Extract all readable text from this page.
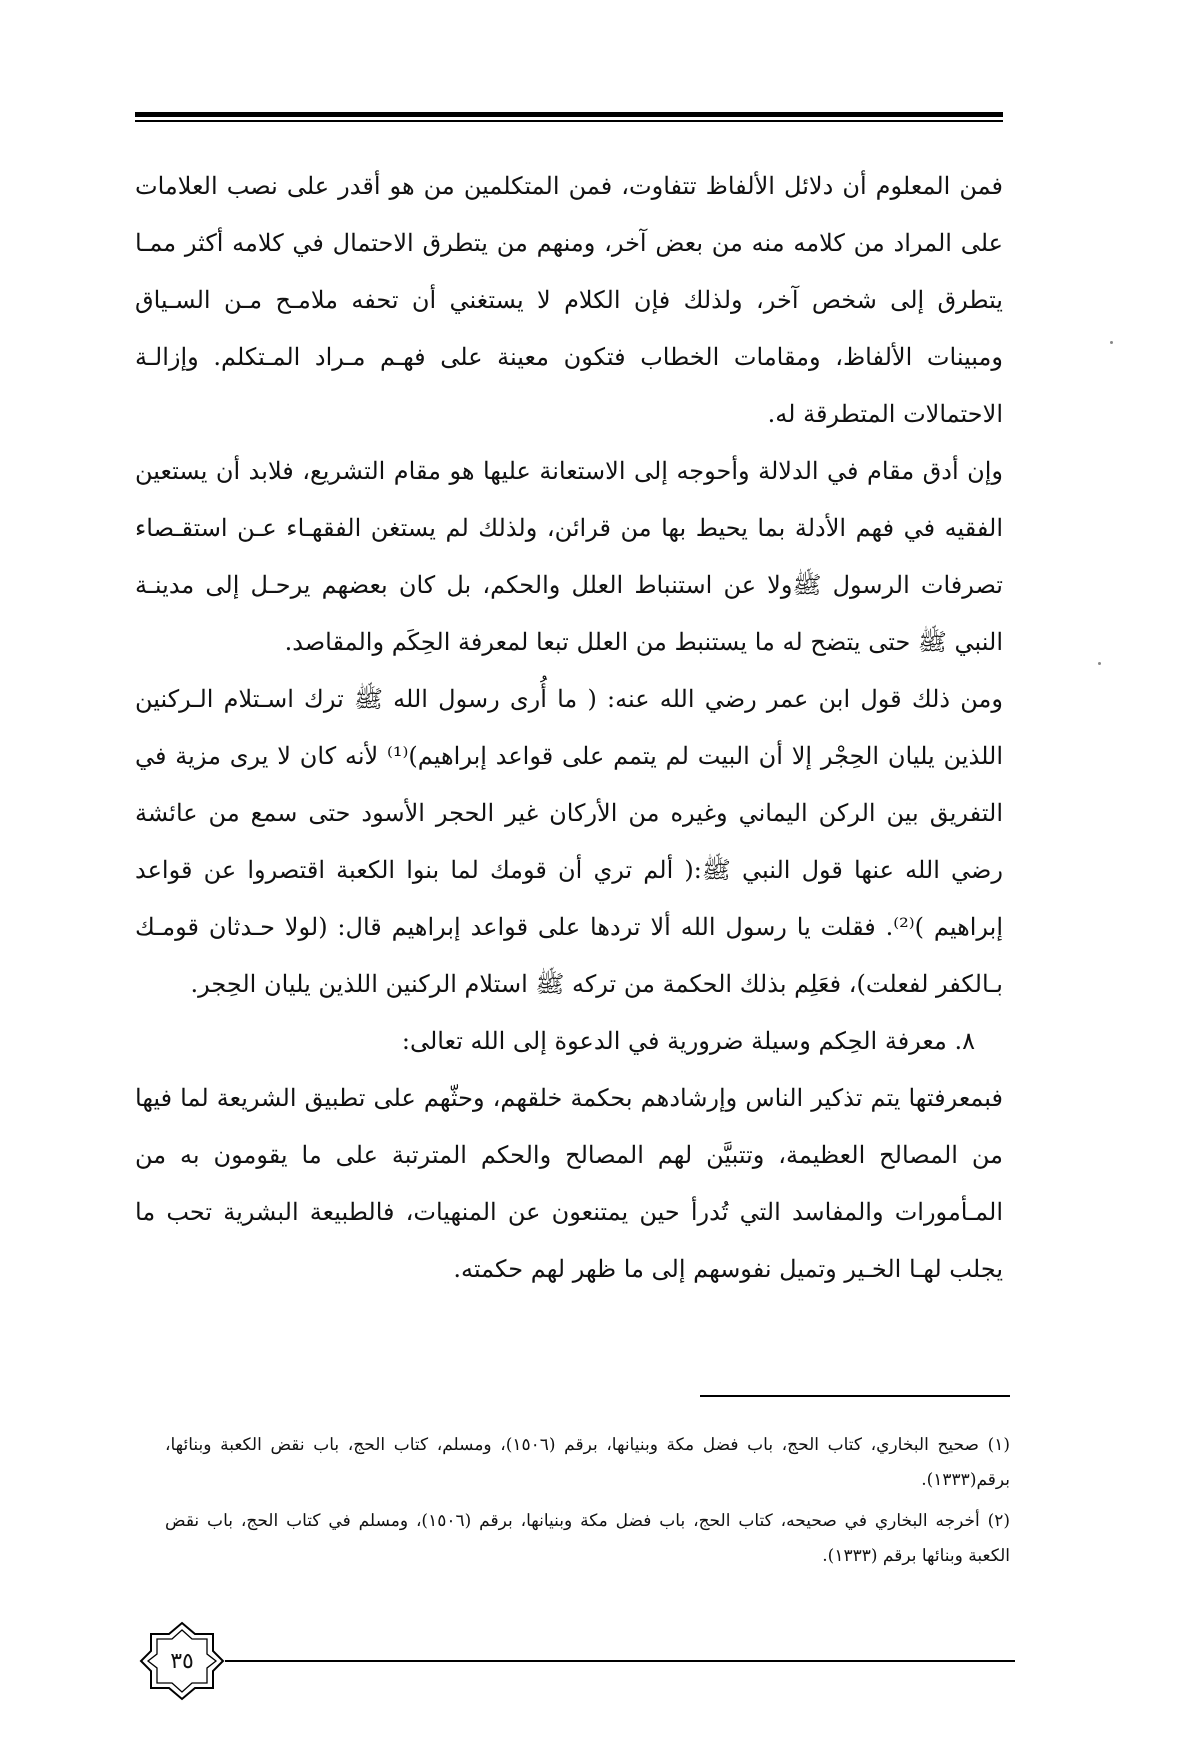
فمن المعلوم أن دلائل الألفاظ تتفاوت، فمن المتكلمين من هو أقدر على نصب العلامات على المراد من كلامه منه من بعض آخر، ومنهم من يتطرق الاحتمال في كلامه أكثر ممـا يتطرق إلى شخص آخر، ولذلك فإن الكلام لا يستغني أن تحفه ملامـح مـن السـياق ومبينات الألفاظ، ومقامات الخطاب فتكون معينة على فهـم مـراد المـتكلم. وإزالـة الاحتمالات المتطرقة له.

وإن أدق مقام في الدلالة وأحوجه إلى الاستعانة عليها هو مقام التشريع، فلابد أن يستعين الفقيه في فهم الأدلة بما يحيط بها من قرائن، ولذلك لم يستغن الفقهـاء عـن استقـصاء تصرفات الرسول ﷺولا عن استنباط العلل والحكم، بل كان بعضهم يرحـل إلى مدينـة النبي ﷺ حتى يتضح له ما يستنبط من العلل تبعا لمعرفة الحِكَم والمقاصد.

ومن ذلك قول ابن عمر رضي الله عنه: ( ما أُرى رسول الله ﷺ ترك اسـتلام الـركنين اللذين يليان الحِجْر إلا أن البيت لم يتمم على قواعد إبراهيم)⁽¹⁾ لأنه كان لا يرى مزية في التفريق بين الركن اليماني وغيره من الأركان غير الحجر الأسود حتى سمع من عائشة رضي الله عنها قول النبي ﷺ:( ألم تري أن قومك لما بنوا الكعبة اقتصروا عن قواعد إبراهيم )⁽²⁾. فقلت يا رسول الله ألا تردها على قواعد إبراهيم قال: (لولا حـدثان قومـك بـالكفر لفعلت)، فعَلِم بذلك الحكمة من تركه ﷺ استلام الركنين اللذين يليان الحِجر.

٨. معرفة الحِكم وسيلة ضرورية في الدعوة إلى الله تعالى:

فبمعرفتها يتم تذكير الناس وإرشادهم بحكمة خلقهم، وحثّهم على تطبيق الشريعة لما فيها من المصالح العظيمة، وتتبيَّن لهم المصالح والحكم المترتبة على ما يقومون به من المـأمورات والمفاسد التي تُدرأ حين يمتنعون عن المنهيات، فالطبيعة البشرية تحب ما يجلب لهـا الخـير وتميل نفوسهم إلى ما ظهر لهم حكمته.

(١) صحيح البخاري، كتاب الحج، باب فضل مكة وبنيانها، برقم (١٥٠٦)، ومسلم، كتاب الحج، باب نقض الكعبة وبنائها، برقم(١٣٣٣).

(٢) أخرجه البخاري في صحيحه، كتاب الحج، باب فضل مكة وبنيانها، برقم (١٥٠٦)، ومسلم في كتاب الحج، باب نقض الكعبة وبنائها برقم (١٣٣٣).

٣٥
